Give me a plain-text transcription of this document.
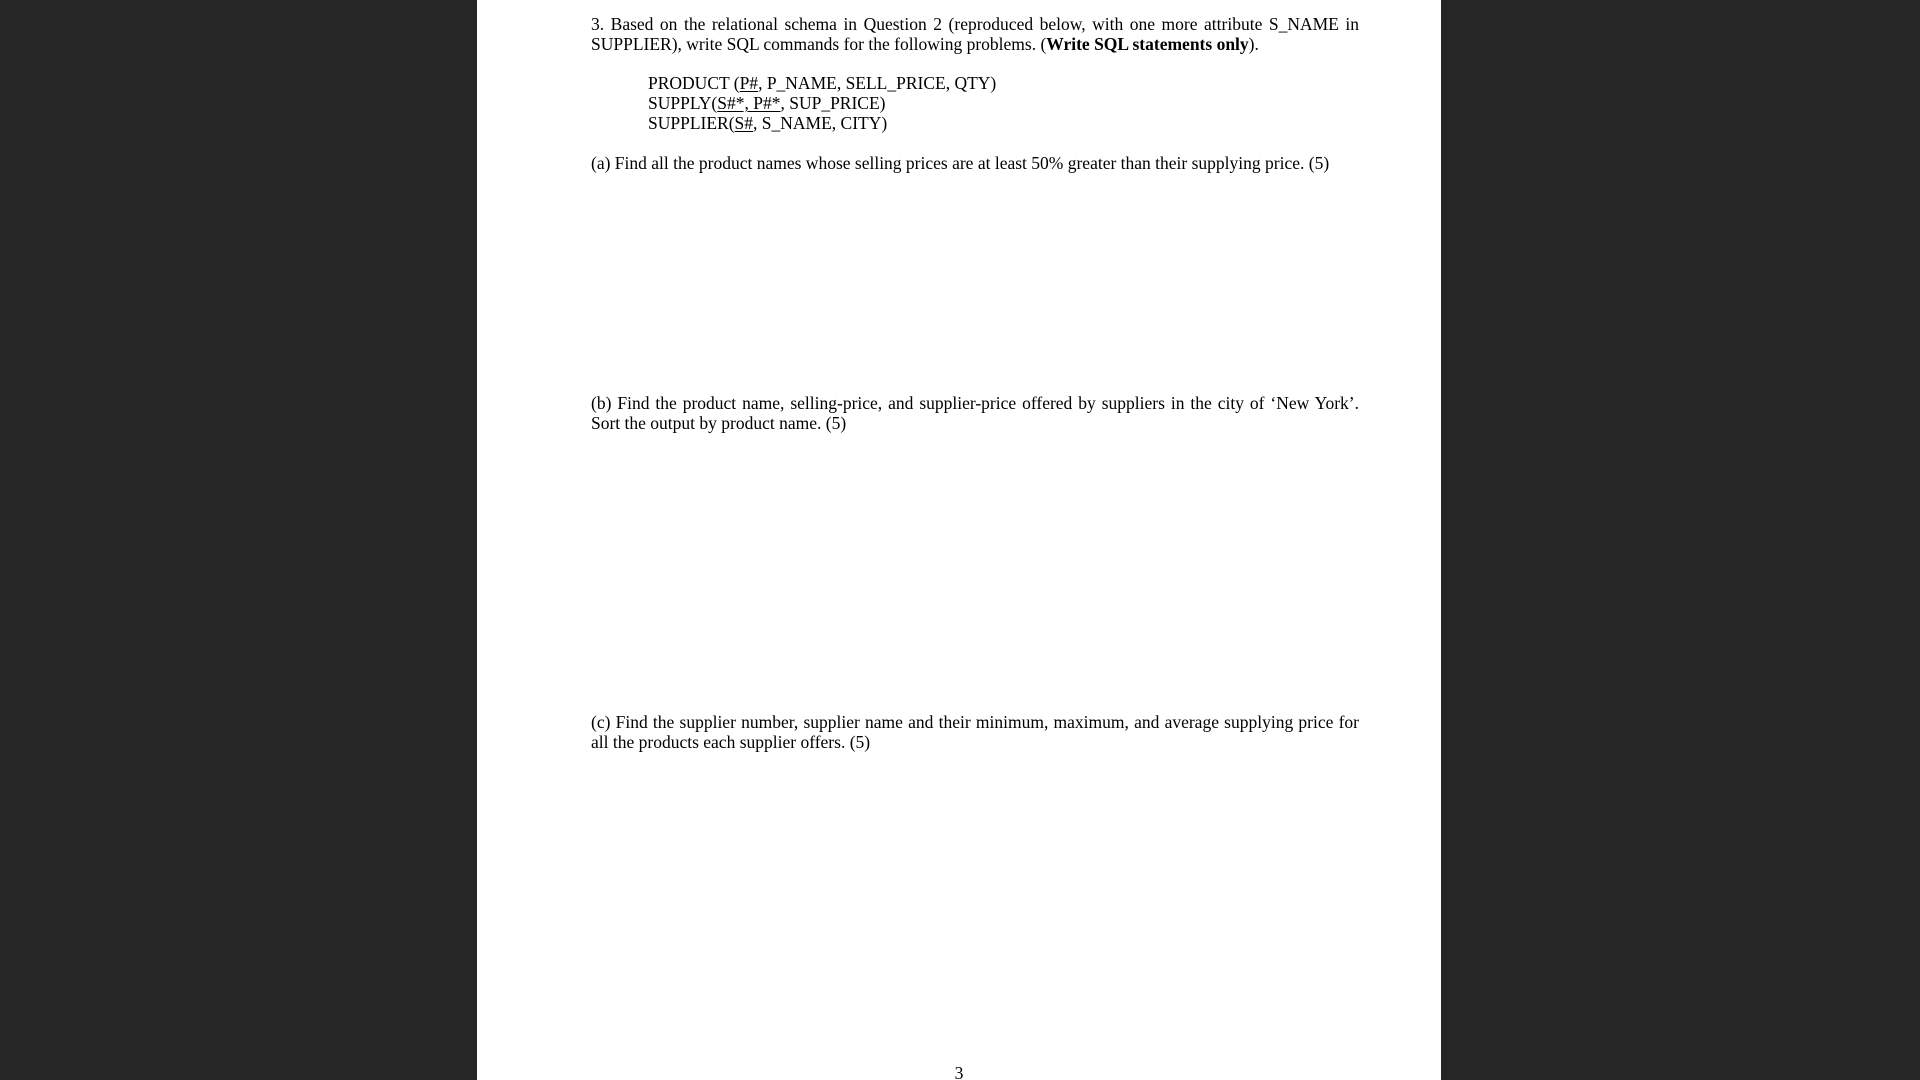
3. Based on the relational schema in Question 2 (reproduced below, with one more attribute S_NAME in SUPPLIER), write SQL commands for the following problems. (Write SQL statements only).
PRODUCT (P#, P_NAME, SELL_PRICE, QTY)
SUPPLY(S#*, P#*, SUP_PRICE)
SUPPLIER(S#, S_NAME, CITY)
(a) Find all the product names whose selling prices are at least 50% greater than their supplying price. (5)
(b) Find the product name, selling-price, and supplier-price offered by suppliers in the city of ‘New York’. Sort the output by product name. (5)
(c) Find the supplier number, supplier name and their minimum, maximum, and average supplying price for all the products each supplier offers. (5)
3
